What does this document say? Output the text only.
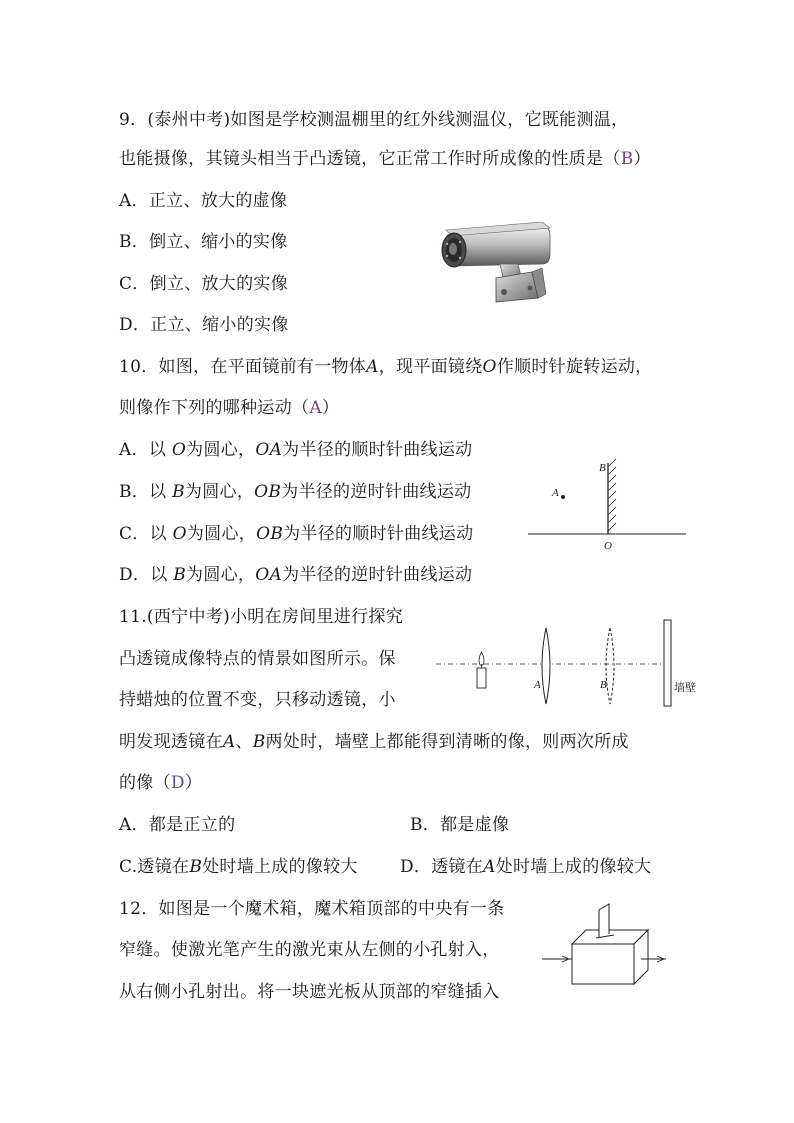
9．(泰州中考)如图是学校测温棚里的红外线测温仪，它既能测温，
也能摄像，其镜头相当于凸透镜，它正常工作时所成像的性质是（B）
A．正立、放大的虚像
B．倒立、缩小的实像
C．倒立、放大的实像
D．正立、缩小的实像
10．如图，在平面镜前有一物体A，现平面镜绕O作顺时针旋转运动，
则像作下列的哪种运动（A）
A．以 O为圆心，OA为半径的顺时针曲线运动
B．以 B为圆心，OB为半径的逆时针曲线运动
C．以 O为圆心，OB为半径的顺时针曲线运动
D．以 B为圆心，OA为半径的逆时针曲线运动
B
A
O
11.(西宁中考)小明在房间里进行探究
凸透镜成像特点的情景如图所示。保
持蜡烛的位置不变，只移动透镜，小
明发现透镜在A、B两处时，墙壁上都能得到清晰的像，则两次所成
的像（D）
A．都是正立的	B．都是虚像
C.透镜在B处时墙上成的像较大 D．透镜在A处时墙上成的像较大
A	B	墙壁
12．如图是一个魔术箱，魔术箱顶部的中央有一条
窄缝。使激光笔产生的激光束从左侧的小孔射入，
从右侧小孔射出。将一块遮光板从顶部的窄缝插入
